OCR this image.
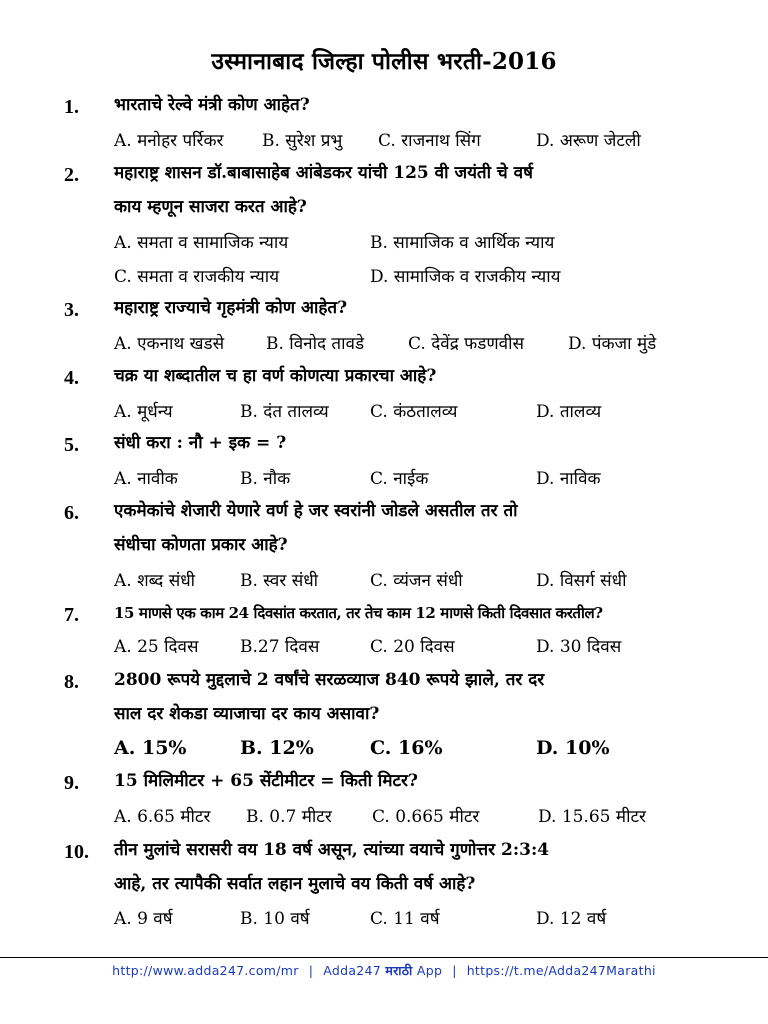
उस्मानाबाद जिल्हा पोलीस भरती-2016
1. भारताचे रेल्वे मंत्री कोण आहेत?
A. मनोहर पर्रिकर B. सुरेश प्रभु C. राजनाथ सिंग	D. अरूण जेटली
2. महाराष्ट्र शासन डॉ.बाबासाहेब आंबेडकर यांची 125 वी जयंती चे वर्ष
काय म्हणून साजरा करत आहे?
A. समता व सामाजिक न्याय	B. सामाजिक व आर्थिक न्याय
C. समता व राजकीय न्याय	D. सामाजिक व राजकीय न्याय
3. महाराष्ट्र राज्याचे गृहमंत्री कोण आहेत?
A. एकनाथ खडसे B. विनोद तावडे	C. देवेंद्र फडणवीस	D. पंकजा मुंडे
4. चक्र या शब्दातील च हा वर्ण कोणत्या प्रकारचा आहे?
A. मूर्धन्य	B. दंत तालव्य C. कंठतालव्य	D. तालव्य
5. संधी करा : नौ + इक = ?
A. नावीक	B. नौक	C. नाईक	D. नाविक
6. एकमेकांचे शेजारी येणारे वर्ण हे जर स्वरांनी जोडले असतील तर तो
संधीचा कोणता प्रकार आहे?
A. शब्द संधी	B. स्वर संधी	C. व्यंजन संधी	D. विसर्ग संधी
7. 15 माणसे एक काम 24 दिवसांत करतात, तर तेच काम 12 माणसे किती दिवसात करतील?
A. 25 दिवस B.27 दिवस	C. 20 दिवस	D. 30 दिवस
8. 2800 रूपये मुद्दलाचे 2 वर्षांचे सरळव्याज 840 रूपये झाले, तर दर
साल दर शेकडा व्याजाचा दर काय असावा?
A. 15%	B. 12%	C. 16%	D. 10%
9. 15 मिलिमीटर + 65 सेंटीमीटर = किती मिटर?
A. 6.65 मीटर B. 0.7 मीटर C. 0.665 मीटर	D. 15.65 मीटर
10. तीन मुलांचे सरासरी वय 18 वर्ष असून, त्यांच्या वयाचे गुणोत्तर 2:3:4
आहे, तर त्यापैकी सर्वात लहान मुलाचे वय किती वर्ष आहे?
A. 9 वर्ष	B. 10 वर्ष	C. 11 वर्ष	D. 12 वर्ष
http://www.adda247.com/mr | Adda247 मराठी App | https://t.me/Adda247Marathi
